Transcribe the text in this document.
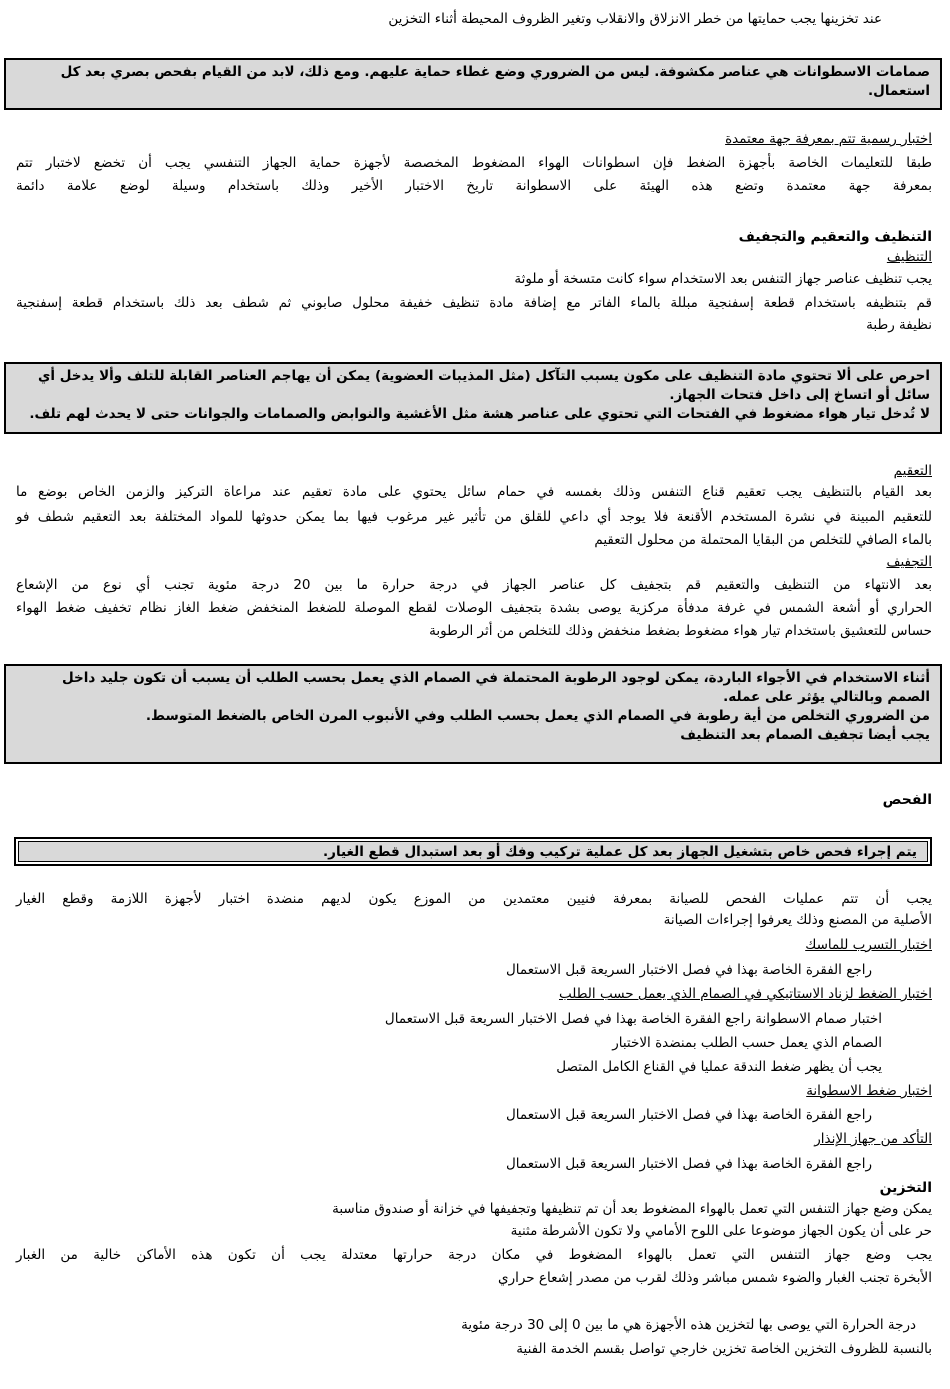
عند تخزينها يجب حمايتها من خطر الانزلاق والانقلاب وتغير الظروف المحيطة أثناء التخزين

صمامات الاسطوانات هي عناصر مكشوفة. ليس من الضروري وضع غطاء حماية عليهم. ومع ذلك، لابد من القيام بفحص بصري بعد كل استعمال.

اختبار رسمية تتم بمعرفة جهة معتمدة
طبقا للتعليمات الخاصة بأجهزة الضغط فإن اسطوانات الهواء المضغوط المخصصة لأجهزة حماية الجهاز التنفسي يجب أن تخضع لاختبار تتم
بمعرفة جهة معتمدة وتضع هذه الهيئة على الاسطوانة تاريخ الاختبار الأخير وذلك باستخدام وسيلة لوضع علامة دائمة
التنظيف والتعقيم والتجفيف
التنظيف
يجب تنظيف عناصر جهاز التنفس بعد الاستخدام سواء كانت متسخة أو ملوثة
قم بتنظيفه باستخدام قطعة إسفنجية مبللة بالماء الفاتر مع إضافة مادة تنظيف خفيفة محلول صابوني ثم شطف بعد ذلك باستخدام قطعة إسفنجية
نظيفة رطبة

احرص على ألا تحتوي مادة التنظيف على مكون يسبب التآكل (مثل المذيبات العضوية) يمكن أن يهاجم العناصر القابلة للتلف وألا يدخل أي سائل أو اتساخ إلى داخل فتحات الجهاز.

لا تُدخل تيار هواء مضغوط في الفتحات التي تحتوي على عناصر هشة مثل الأغشية والنوابض والصمامات والجوانات حتى لا يحدث لهم تلف.

التعقيم
بعد القيام بالتنظيف يجب تعقيم قناع التنفس وذلك بغمسه في حمام سائل يحتوي على مادة تعقيم عند مراعاة التركيز والزمن الخاص بوضع ما
للتعقيم المبينة في نشرة المستخدم الأقنعة فلا يوجد أي داعي للقلق من تأثير غير مرغوب فيها بما يمكن حدوثها للمواد المختلفة بعد التعقيم شطف فو
بالماء الصافي للتخلص من البقايا المحتملة من محلول التعقيم
التجفيف
بعد الانتهاء من التنظيف والتعقيم قم بتجفيف كل عناصر الجهاز في درجة حرارة ما بين 20 درجة مئوية تجنب أي نوع من الإشعاع
الحراري أو أشعة الشمس في غرفة مدفأة مركزية يوصى بشدة بتجفيف الوصلات لقطع الموصلة للضغط المنخفض ضغط الغاز نظام تخفيف ضغط الهواء
حساس للتعشيق باستخدام تيار هواء مضغوط بضغط منخفض وذلك للتخلص من أثر الرطوبة

أثناء الاستخدام في الأجواء الباردة، يمكن لوجود الرطوبة المحتملة في الصمام الذي يعمل بحسب الطلب أن يسبب أن تكون جليد داخل الصمم وبالتالي يؤثر على عمله.

من الضروري التخلص من أية رطوبة في الصمام الذي يعمل بحسب الطلب وفي الأنبوب المرن الخاص بالضغط المتوسط.

يجب أيضا تجفيف الصمام بعد التنظيف

الفحص
يتم إجراء فحص خاص بتشغيل الجهاز بعد كل عملية تركيب وفك أو بعد استبدال قطع الغيار.
يجب أن تتم عمليات الفحص للصيانة بمعرفة فنيين معتمدين من الموزع يكون لديهم منضدة اختبار لأجهزة اللازمة وقطع الغيار
الأصلية من المصنع وذلك يعرفوا إجراءات الصيانة
اختبار التسرب للماسك
راجع الفقرة الخاصة بهذا في فصل الاختبار السريعة قبل الاستعمال
اختبار الضغط لزناد الاستاتيكي في الصمام الذي يعمل حسب الطلب
اختبار صمام الاسطوانة راجع الفقرة الخاصة بهذا في فصل الاختبار السريعة قبل الاستعمال
الصمام الذي يعمل حسب الطلب بمنضدة الاختبار
يجب أن يظهر ضغط الندقة عمليا في القناع الكامل المتصل
اختبار ضغط الاسطوانة
راجع الفقرة الخاصة بهذا في فصل الاختبار السريعة قبل الاستعمال
التأكد من جهاز الإنذار
راجع الفقرة الخاصة بهذا في فصل الاختبار السريعة قبل الاستعمال
التخزين
يمكن وضع جهاز التنفس التي تعمل بالهواء المضغوط بعد أن تم تنظيفها وتجفيفها في خزانة أو صندوق مناسبة
حر على أن يكون الجهاز موضوعا على اللوح الأمامي ولا تكون الأشرطة مثنية
يجب وضع جهاز التنفس التي تعمل بالهواء المضغوط في مكان درجة حرارتها معتدلة يجب أن تكون هذه الأماكن خالية من الغبار
الأبخرة تجنب الغبار والضوء شمس مباشر وذلك لقرب من مصدر إشعاع حراري
درجة الحرارة التي يوصى بها لتخزين هذه الأجهزة هي ما بين 0 إلى 30 درجة مئوية
بالنسبة للظروف التخزين الخاصة تخزين خارجي تواصل بقسم الخدمة الفنية
